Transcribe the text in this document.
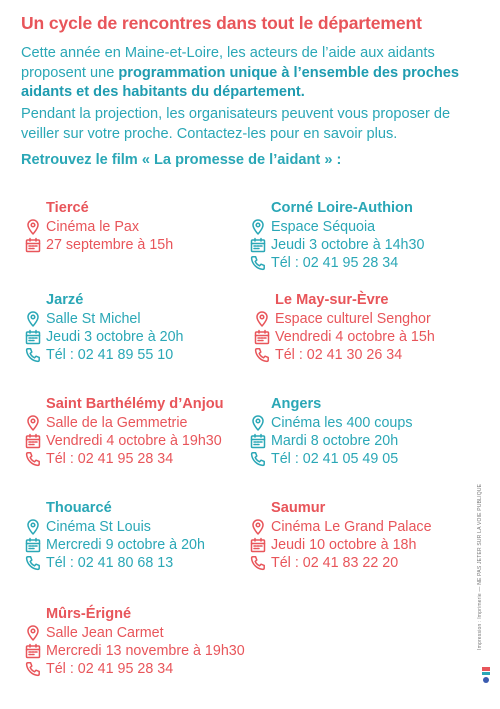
Un cycle de rencontres dans tout le département
Cette année en Maine-et-Loire, les acteurs de l’aide aux aidants proposent une programmation unique à l’ensemble des proches aidants et des habitants du département.
Pendant la projection, les organisateurs peuvent vous proposer de veiller sur votre proche. Contactez-les pour en savoir plus.
Retrouvez le film « La promesse de l’aidant » :
Tiercé
Cinéma le Pax
27 septembre à 15h
Corné Loire-Authion
Espace Séquoia
Jeudi 3 octobre à 14h30
Tél : 02 41 95 28 34
Jarzé
Salle St Michel
Jeudi 3 octobre à 20h
Tél : 02 41 89 55 10
Le May-sur-Èvre
Espace culturel Senghor
Vendredi 4 octobre à 15h
Tél : 02 41 30 26 34
Saint Barthélémy d’Anjou
Salle de la Gemmetrie
Vendredi 4 octobre à 19h30
Tél : 02 41 95 28 34
Angers
Cinéma les 400 coups
Mardi 8 octobre 20h
Tél : 02 41 05 49 05
Thouarcé
Cinéma St Louis
Mercredi 9 octobre à 20h
Tél : 02 41 80 68 13
Saumur
Cinéma Le Grand Palace
Jeudi 10 octobre à 18h
Tél : 02 41 83 22 20
Mûrs-Érigné
Salle Jean Carmet
Mercredi 13 novembre à 19h30
Tél : 02 41 95 28 34
Impression : Imprimerie — NE PAS JETER SUR LA VOIE PUBLIQUE
